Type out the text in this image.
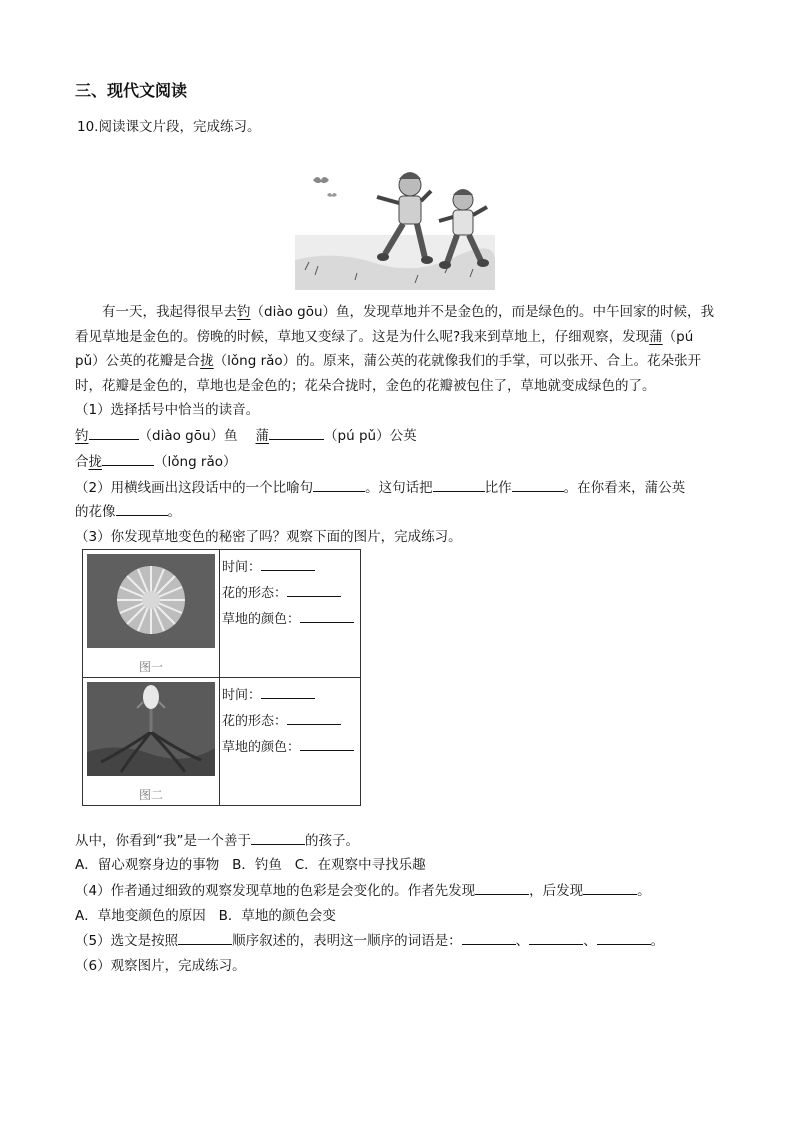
三、现代文阅读
10.阅读课文片段，完成练习。
有一天，我起得很早去钓（diào gōu）鱼，发现草地并不是金色的，而是绿色的。中午回家的时候，我看见草地是金色的。傍晚的时候，草地又变绿了。这是为什么呢?我来到草地上，仔细观察，发现蒲（pú pǔ）公英的花瓣是合拢（lǒng rǎo）的。原来，蒲公英的花就像我们的手掌，可以张开、合上。花朵张开时，花瓣是金色的，草地也是金色的；花朵合拢时，金色的花瓣被包住了，草地就变成绿色的了。
（1）选择括号中恰当的读音。
钓	（diào gōu）鱼 蒲	（pú pǔ）公英
合拢	（lǒng rǎo）
（2）用横线画出这段话中的一个比喻句	。这句话把	比作	。在你看来，蒲公英
的花像	。
（3）你发现草地变色的秘密了吗？观察下面的图片，完成练习。
图一	时间：
花的形态：
草地的颜色：

图二	时间：
花的形态：
草地的颜色：
从中，你看到“我”是一个善于	的孩子。
A．留心观察身边的事物   B．钓鱼   C．在观察中寻找乐趣
（4）作者通过细致的观察发现草地的色彩是会变化的。作者先发现	，后发现	。
A．草地变颜色的原因   B．草地的颜色会变
（5）选文是按照	顺序叙述的，表明这一顺序的词语是：	、	、	。
（6）观察图片，完成练习。
